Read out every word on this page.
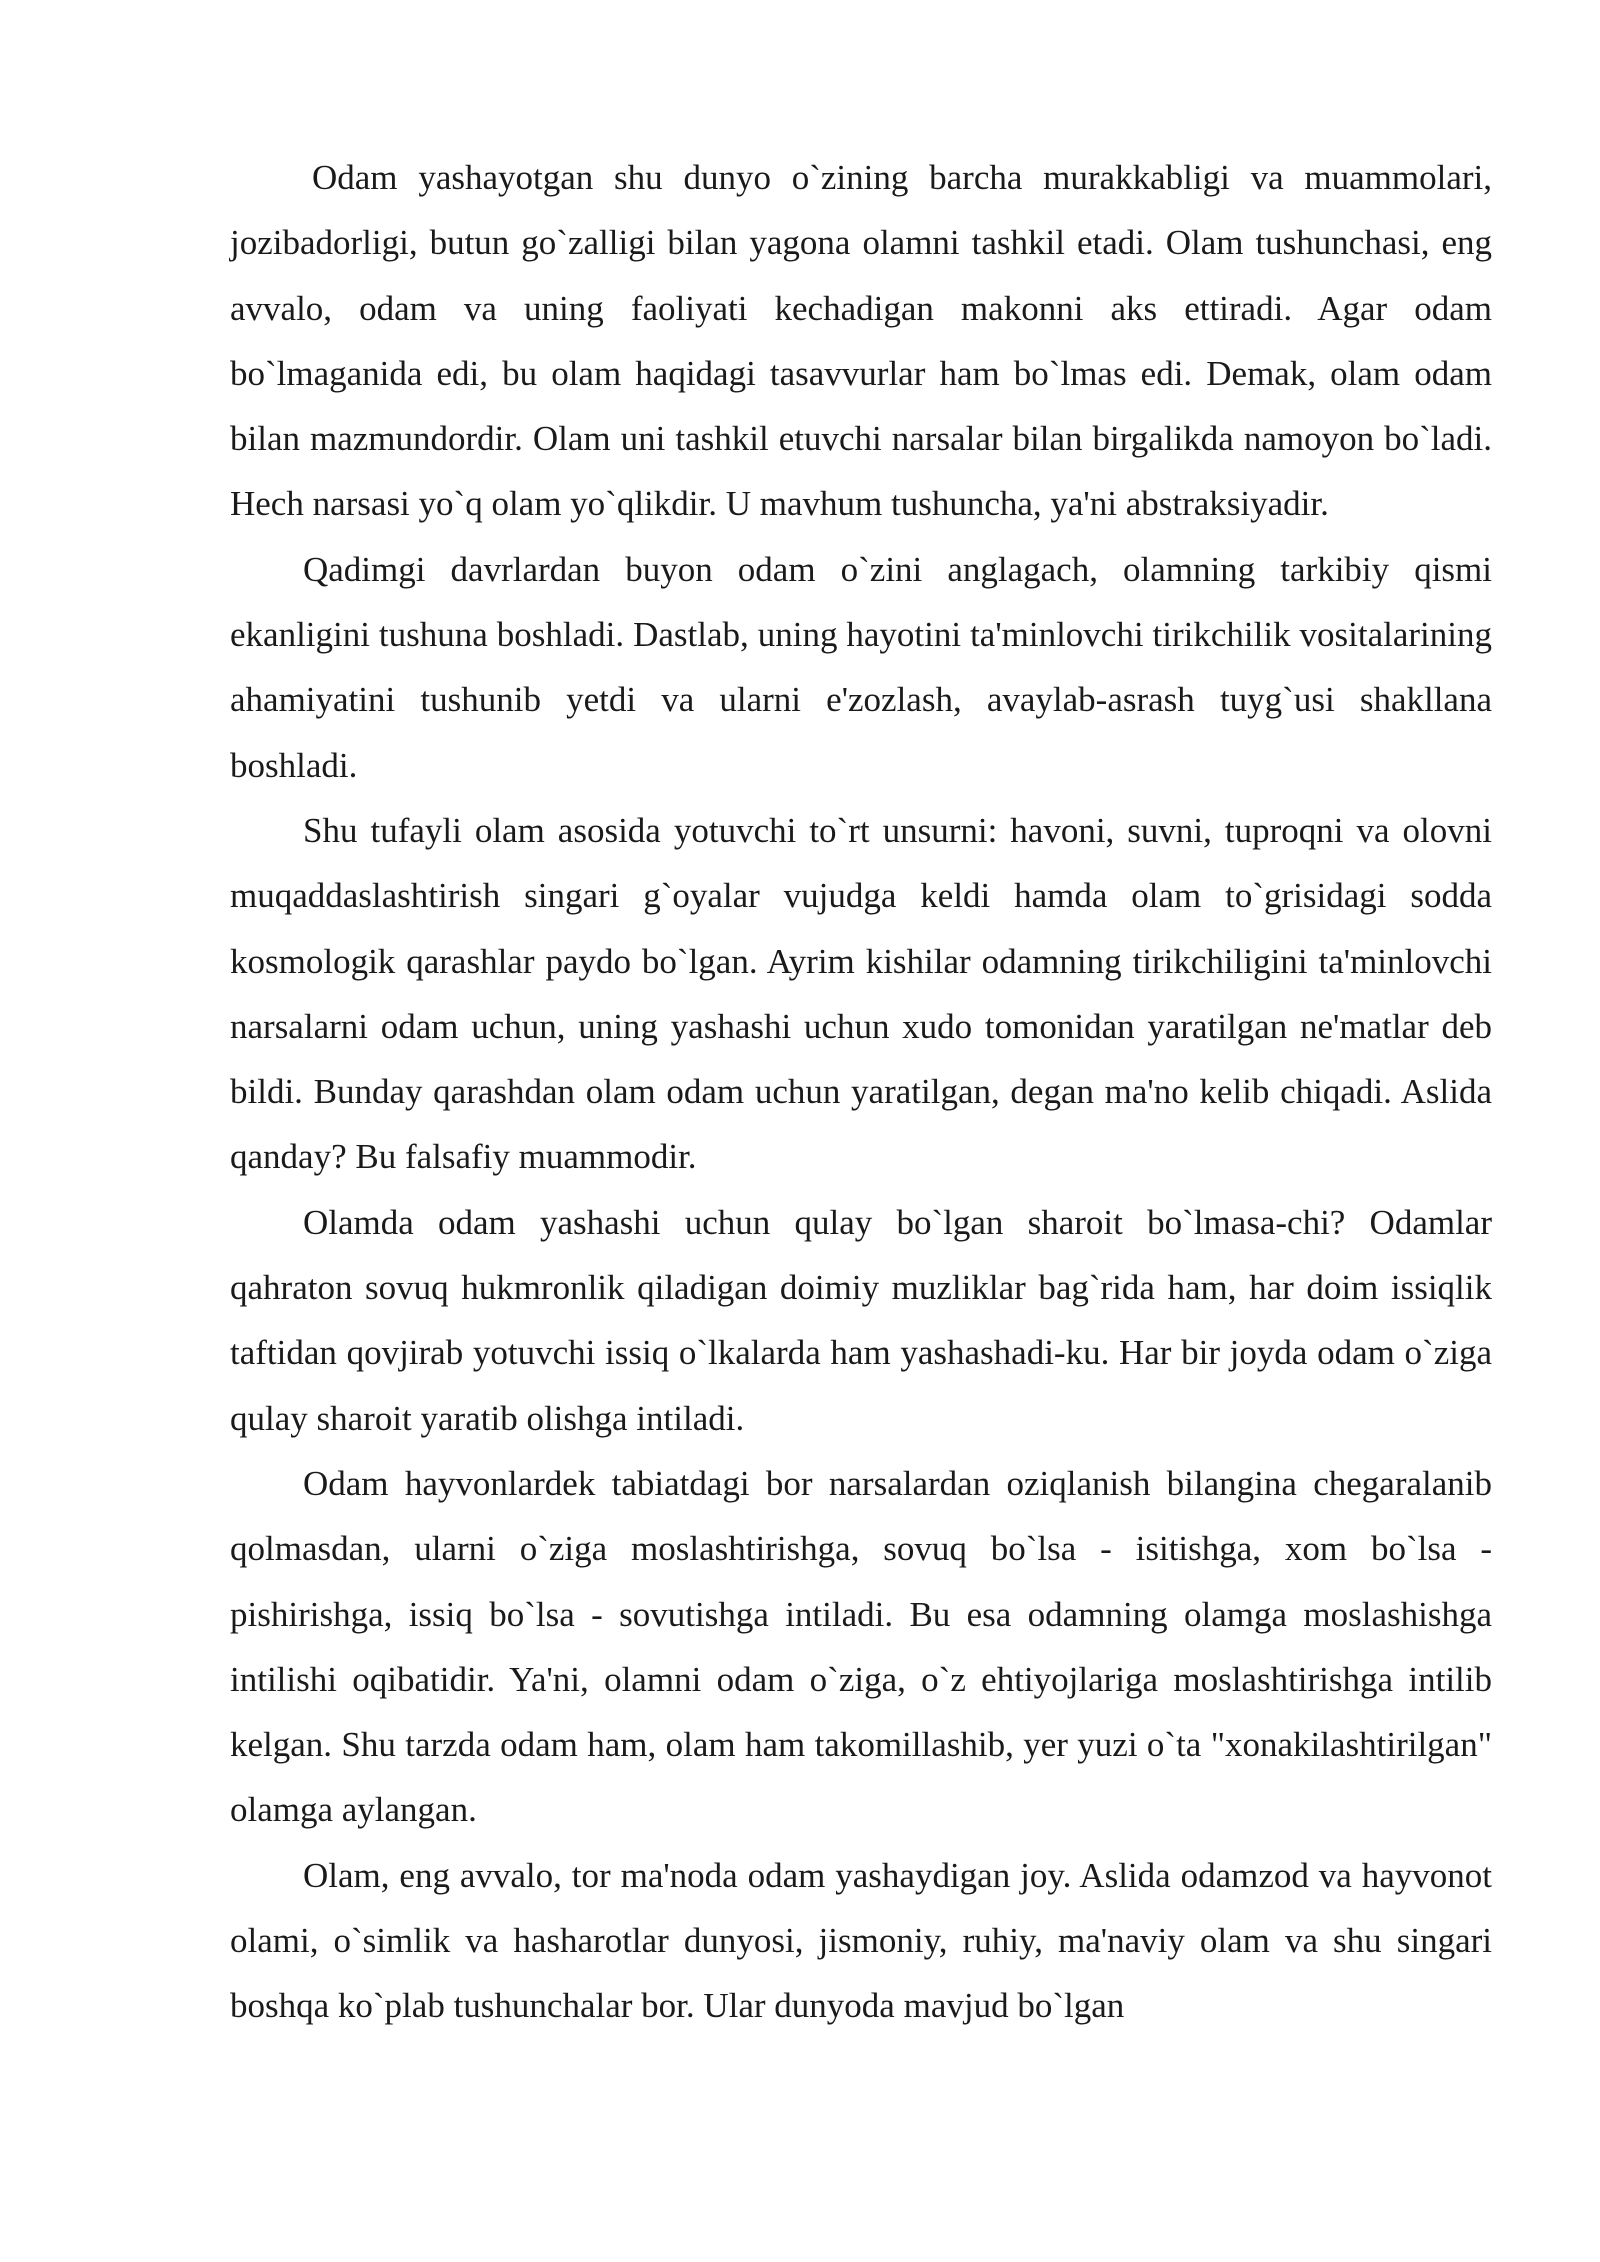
Odam yashayotgan shu dunyo o`zining barcha murakkabligi va muammolari, jozibadorligi, butun go`zalligi bilan yagona olamni tashkil etadi. Olam tushunchasi, eng avvalo, odam va uning faoliyati kechadigan makonni aks ettiradi. Agar odam bo`lmaganida edi, bu olam haqidagi tasavvurlar ham bo`lmas edi. Demak, olam odam bilan mazmundordir. Olam uni tashkil etuvchi narsalar bilan birgalikda namoyon bo`ladi. Hech narsasi yo`q olam yo`qlikdir. U mavhum tushuncha, ya'ni abstraksiyadir.

Qadimgi davrlardan buyon odam o`zini anglagach, olamning tarkibiy qismi ekanligini tushuna boshladi. Dastlab, uning hayotini ta'minlovchi tirikchilik vositalarining ahamiyatini tushunib yetdi va ularni e'zozlash, avaylab-asrash tuyg`usi shakllana boshladi.

Shu tufayli olam asosida yotuvchi to`rt unsurni: havoni, suvni, tuproqni va olovni muqaddaslashtirish singari g`oyalar vujudga keldi hamda olam to`grisidagi sodda kosmologik qarashlar paydo bo`lgan. Ayrim kishilar odamning tirikchiligini ta'minlovchi narsalarni odam uchun, uning yashashi uchun xudo tomonidan yaratilgan ne'matlar deb bildi. Bunday qarashdan olam odam uchun yaratilgan, degan ma'no kelib chiqadi. Aslida qanday? Bu falsafiy muammodir.

Olamda odam yashashi uchun qulay bo`lgan sharoit bo`lmasa-chi? Odamlar qahraton sovuq hukmronlik qiladigan doimiy muzliklar bag`rida ham, har doim issiqlik taftidan qovjirab yotuvchi issiq o`lkalarda ham yashashadi-ku. Har bir joyda odam o`ziga qulay sharoit yaratib olishga intiladi.

Odam hayvonlardek tabiatdagi bor narsalardan oziqlanish bilangina chegaralanib qolmasdan, ularni o`ziga moslashtirishga, sovuq bo`lsa - isitishga, xom bo`lsa - pishirishga, issiq bo`lsa - sovutishga intiladi. Bu esa odamning olamga moslashishga intilishi oqibatidir. Ya'ni, olamni odam o`ziga, o`z ehtiyojlariga moslashtirishga intilib kelgan. Shu tarzda odam ham, olam ham takomillashib, yer yuzi o`ta "xonakilashtirilgan" olamga aylangan.

Olam, eng avvalo, tor ma'noda odam yashaydigan joy. Aslida odamzod va hayvonot olami, o`simlik va hasharotlar dunyosi, jismoniy, ruhiy, ma'naviy olam va shu singari boshqa ko`plab tushunchalar bor. Ular dunyoda mavjud bo`lgan
